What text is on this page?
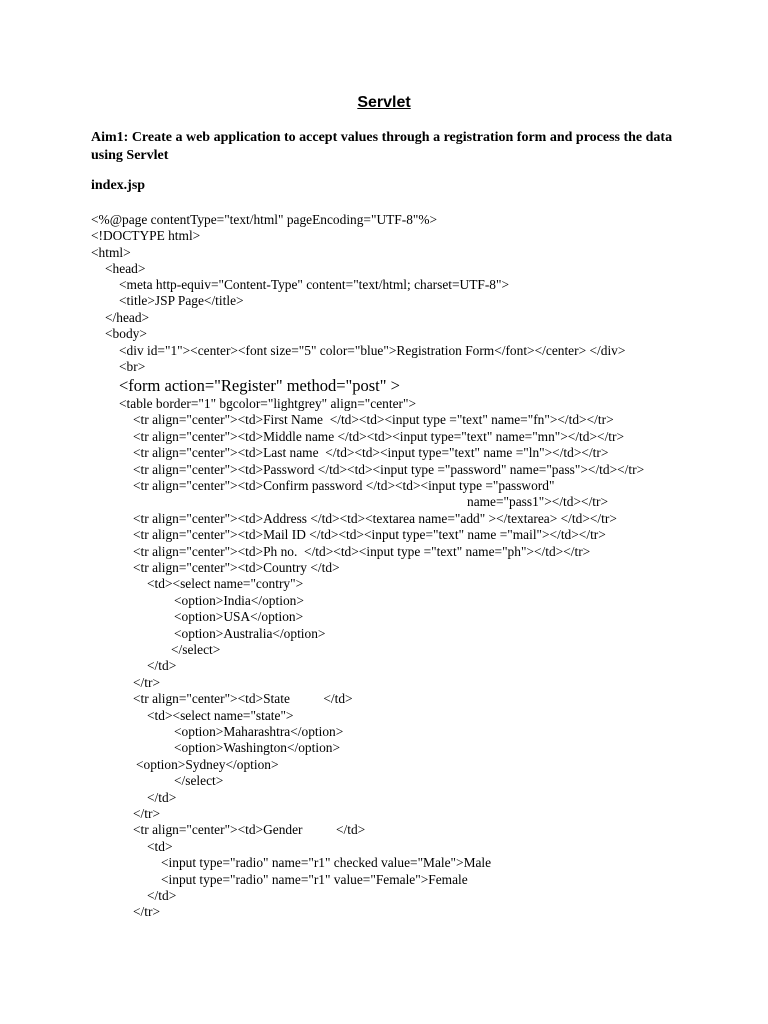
Servlet
Aim1: Create a web application to accept values through a registration form and process the data using Servlet
index.jsp
<%@page contentType="text/html" pageEncoding="UTF-8"%>
<!DOCTYPE html>
<html>
<head>
<meta http-equiv="Content-Type" content="text/html; charset=UTF-8">
<title>JSP Page</title>
</head>
<body>
<div id="1"><center><font size="5" color="blue">Registration Form</font></center> </div>
<br>
<form action="Register" method="post" >
<table border="1" bgcolor="lightgrey" align="center">
<tr align="center"><td>First Name  </td><td><input type ="text" name="fn"></td></tr>
<tr align="center"><td>Middle name </td><td><input type="text" name="mn"></td></tr>
<tr align="center"><td>Last name  </td><td><input type="text" name ="ln"></td></tr>
<tr align="center"><td>Password </td><td><input type ="password" name="pass"></td></tr>
<tr align="center"><td>Confirm password </td><td><input type ="password"
name="pass1"></td></tr>
<tr align="center"><td>Address </td><td><textarea name="add" ></textarea> </td></tr>
<tr align="center"><td>Mail ID </td><td><input type="text" name ="mail"></td></tr>
<tr align="center"><td>Ph no.  </td><td><input type ="text" name="ph"></td></tr>
<tr align="center"><td>Country </td>
<td><select name="contry">
<option>India</option>
<option>USA</option>
<option>Australia</option>
</select>
</td>
</tr>
<tr align="center"><td>State          </td>
<td><select name="state">
<option>Maharashtra</option>
<option>Washington</option>
<option>Sydney</option>
</select>
</td>
</tr>
<tr align="center"><td>Gender          </td>
<td>
<input type="radio" name="r1" checked value="Male">Male
<input type="radio" name="r1" value="Female">Female
</td>
</tr>
